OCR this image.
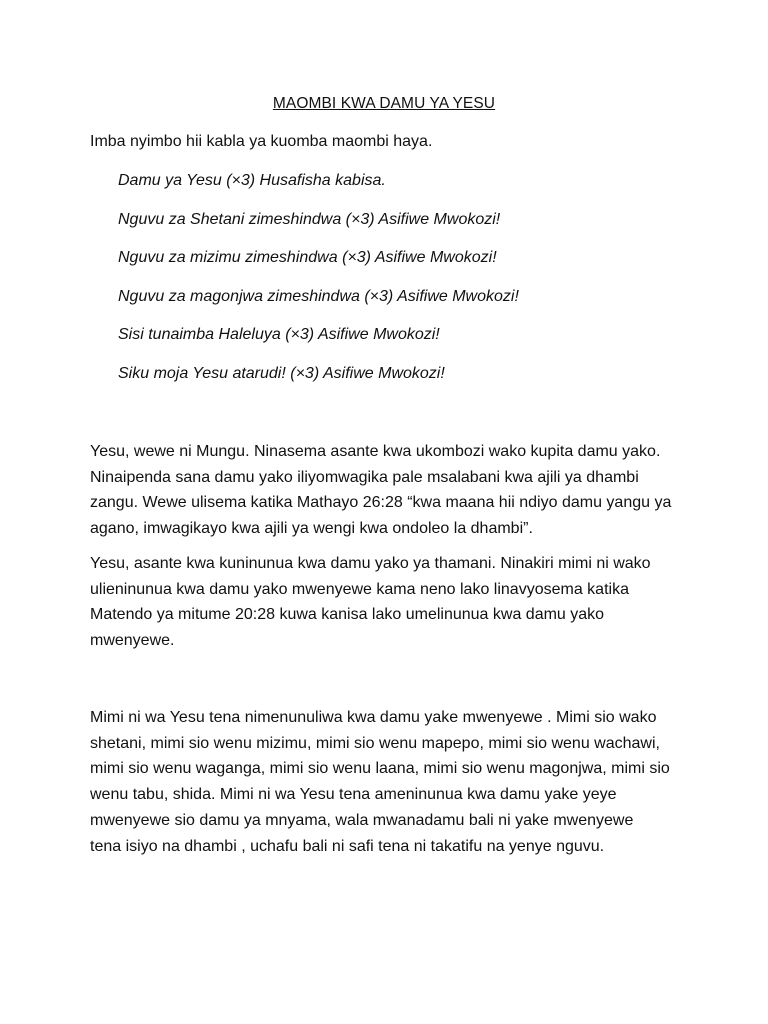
MAOMBI KWA DAMU YA YESU

Imba nyimbo hii kabla ya kuomba maombi haya.

Damu ya Yesu (×3) Husafisha kabisa.
Nguvu za Shetani zimeshindwa (×3) Asifiwe Mwokozi!
Nguvu za mizimu zimeshindwa (×3) Asifiwe Mwokozi!
Nguvu za magonjwa zimeshindwa (×3) Asifiwe Mwokozi!
Sisi tunaimba Haleluya (×3) Asifiwe Mwokozi!
Siku moja Yesu atarudi! (×3) Asifiwe Mwokozi!

Yesu, wewe ni Mungu. Ninasema asante kwa ukombozi wako kupita damu yako.
Ninaipenda sana damu yako iliyomwagika pale msalabani kwa ajili ya dhambi
zangu. Wewe ulisema katika Mathayo 26:28 “kwa maana hii ndiyo damu yangu ya
agano, imwagikayo kwa ajili ya wengi kwa ondoleo la dhambi”.

Yesu, asante kwa kuninunua kwa damu yako ya thamani. Ninakiri mimi ni wako
ulieninunua kwa damu yako mwenyewe kama neno lako linavyosema katika
Matendo ya mitume 20:28 kuwa kanisa lako umelinunua kwa damu yako
mwenyewe.

Mimi ni wa Yesu tena nimenunuliwa kwa damu yake mwenyewe . Mimi sio wako
shetani, mimi sio wenu mizimu, mimi sio wenu mapepo, mimi sio wenu wachawi,
mimi sio wenu waganga, mimi sio wenu laana, mimi sio wenu magonjwa, mimi sio
wenu tabu, shida. Mimi ni wa Yesu tena ameninunua kwa damu yake yeye
mwenyewe sio damu ya mnyama, wala mwanadamu bali ni yake mwenyewe
tena isiyo na dhambi , uchafu bali ni safi tena ni takatifu na yenye nguvu.
